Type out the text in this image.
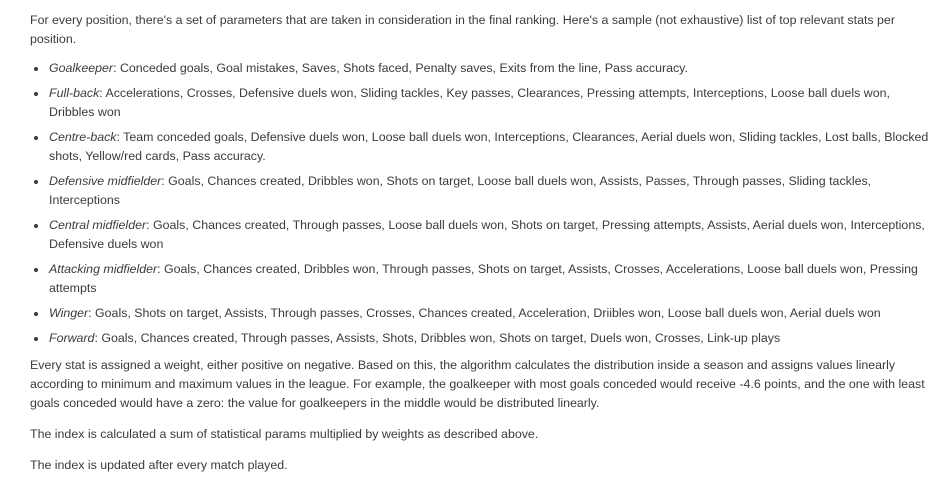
For every position, there's a set of parameters that are taken in consideration in the final ranking. Here's a sample (not exhaustive) list of top relevant stats per position.

Goalkeeper: Conceded goals, Goal mistakes, Saves, Shots faced, Penalty saves, Exits from the line, Pass accuracy.
Full-back: Accelerations, Crosses, Defensive duels won, Sliding tackles, Key passes, Clearances, Pressing attempts, Interceptions, Loose ball duels won, Dribbles won
Centre-back: Team conceded goals, Defensive duels won, Loose ball duels won, Interceptions, Clearances, Aerial duels won, Sliding tackles, Lost balls, Blocked shots, Yellow/red cards, Pass accuracy.
Defensive midfielder: Goals, Chances created, Dribbles won, Shots on target, Loose ball duels won, Assists, Passes, Through passes, Sliding tackles, Interceptions
Central midfielder: Goals, Chances created, Through passes, Loose ball duels won, Shots on target, Pressing attempts, Assists, Aerial duels won, Interceptions, Defensive duels won
Attacking midfielder: Goals, Chances created, Dribbles won, Through passes, Shots on target, Assists, Crosses, Accelerations, Loose ball duels won, Pressing attempts
Winger: Goals, Shots on target, Assists, Through passes, Crosses, Chances created, Acceleration, Driibles won, Loose ball duels won, Aerial duels won
Forward: Goals, Chances created, Through passes, Assists, Shots, Dribbles won, Shots on target, Duels won, Crosses, Link-up plays

Every stat is assigned a weight, either positive on negative. Based on this, the algorithm calculates the distribution inside a season and assigns values linearly according to minimum and maximum values in the league. For example, the goalkeeper with most goals conceded would receive -4.6 points, and the one with least goals conceded would have a zero: the value for goalkeepers in the middle would be distributed linearly.

The index is calculated a sum of statistical params multiplied by weights as described above.

The index is updated after every match played.
